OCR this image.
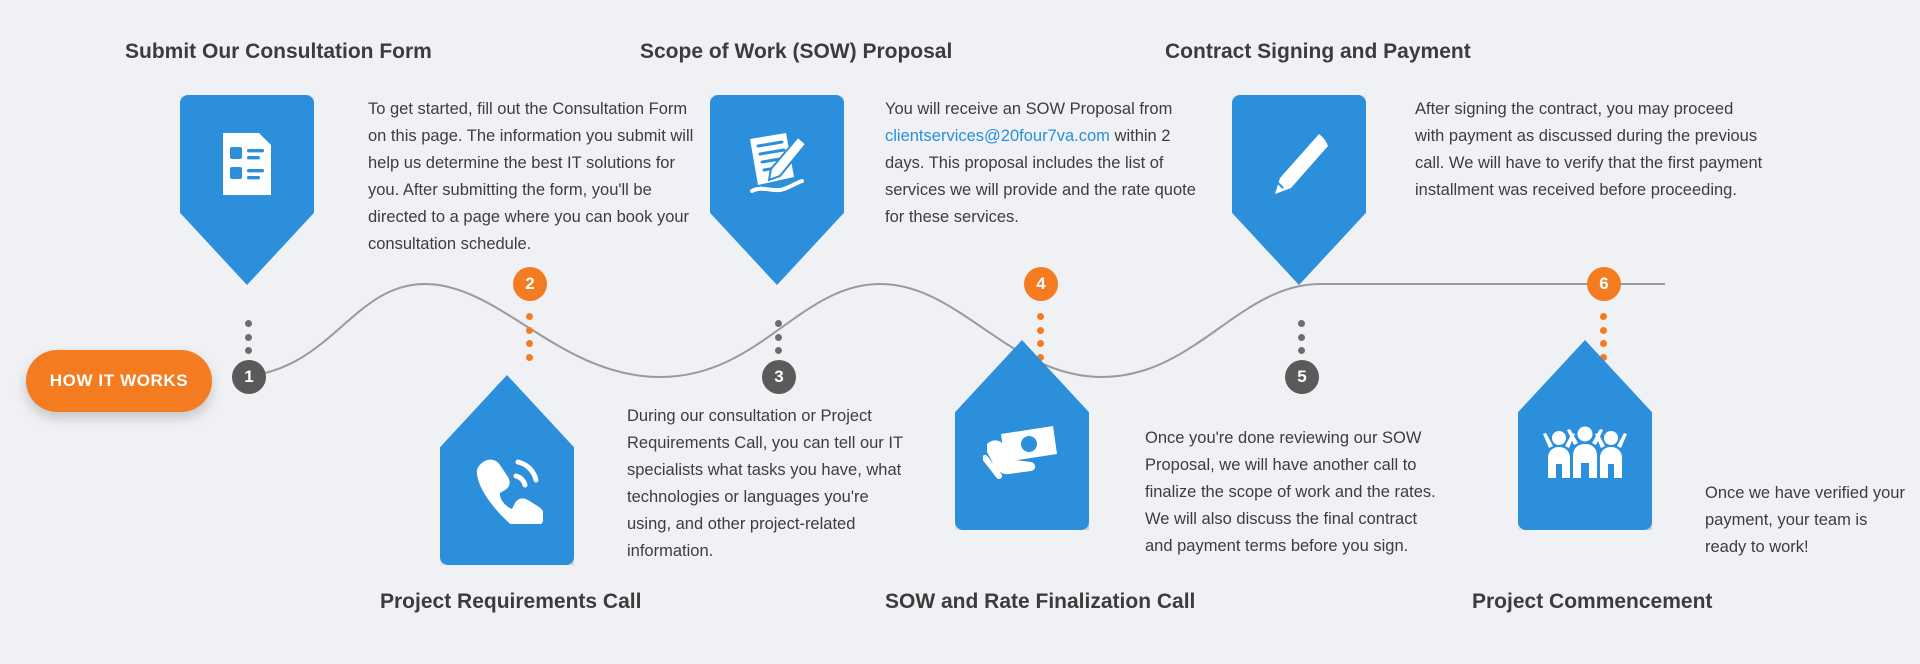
HOW IT WORKS
Submit Our Consultation Form
To get started, fill out the Consultation Form on this page. The information you submit will help us determine the best IT solutions for you. After submitting the form, you'll be directed to a page where you can book your consultation schedule.
1
Project Requirements Call
During our consultation or Project Requirements Call, you can tell our IT specialists what tasks you have, what technologies or languages you're using, and other project-related information.
2
Scope of Work (SOW) Proposal
You will receive an SOW Proposal from clientservices@20four7va.com within 2 days. This proposal includes the list of services we will provide and the rate quote for these services.
3
SOW and Rate Finalization Call
Once you're done reviewing our SOW Proposal, we will have another call to finalize the scope of work and the rates. We will also discuss the final contract and payment terms before you sign.
4
Contract Signing and Payment
After signing the contract, you may proceed with payment as discussed during the previous call. We will have to verify that the first payment installment was received before proceeding.
5
Project Commencement
Once we have verified your payment, your team is ready to work!
6
